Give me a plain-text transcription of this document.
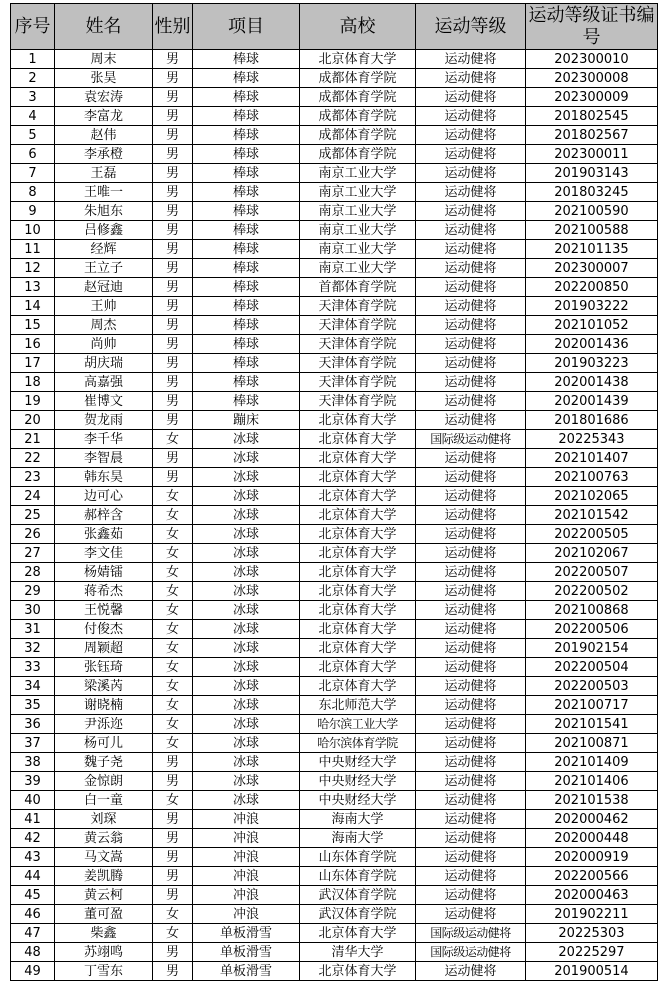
序号	姓名	性别	项目	高校	运动等级	运动等级证书编号
1	周末	男	棒球	北京体育大学	运动健将	202300010
2	张昊	男	棒球	成都体育学院	运动健将	202300008
3	袁宏涛	男	棒球	成都体育学院	运动健将	202300009
4	李富龙	男	棒球	成都体育学院	运动健将	201802545
5	赵伟	男	棒球	成都体育学院	运动健将	201802567
6	李承橙	男	棒球	成都体育学院	运动健将	202300011
7	王磊	男	棒球	南京工业大学	运动健将	201903143
8	王唯一	男	棒球	南京工业大学	运动健将	201803245
9	朱旭东	男	棒球	南京工业大学	运动健将	202100590
10	吕修鑫	男	棒球	南京工业大学	运动健将	202100588
11	经辉	男	棒球	南京工业大学	运动健将	202101135
12	王立子	男	棒球	南京工业大学	运动健将	202300007
13	赵冠迪	男	棒球	首都体育学院	运动健将	202200850
14	王帅	男	棒球	天津体育学院	运动健将	201903222
15	周杰	男	棒球	天津体育学院	运动健将	202101052
16	尚帅	男	棒球	天津体育学院	运动健将	202001436
17	胡庆瑞	男	棒球	天津体育学院	运动健将	201903223
18	高嘉强	男	棒球	天津体育学院	运动健将	202001438
19	崔博文	男	棒球	天津体育学院	运动健将	202001439
20	贺龙雨	男	蹦床	北京体育大学	运动健将	201801686
21	李千华	女	冰球	北京体育大学	国际级运动健将	20225343
22	李智晨	男	冰球	北京体育大学	运动健将	202101407
23	韩东昊	男	冰球	北京体育大学	运动健将	202100763
24	边可心	女	冰球	北京体育大学	运动健将	202102065
25	郝梓含	女	冰球	北京体育大学	运动健将	202101542
26	张鑫茹	女	冰球	北京体育大学	运动健将	202200505
27	李文佳	女	冰球	北京体育大学	运动健将	202102067
28	杨婧镭	女	冰球	北京体育大学	运动健将	202200507
29	蒋希杰	女	冰球	北京体育大学	运动健将	202200502
30	王悦馨	女	冰球	北京体育大学	运动健将	202100868
31	付俊杰	女	冰球	北京体育大学	运动健将	202200506
32	周颖超	女	冰球	北京体育大学	运动健将	201902154
33	张钰琦	女	冰球	北京体育大学	运动健将	202200504
34	梁溪芮	女	冰球	北京体育大学	运动健将	202200503
35	谢晓楠	女	冰球	东北师范大学	运动健将	202100717
36	尹泺迩	女	冰球	哈尔滨工业大学	运动健将	202101541
37	杨可儿	女	冰球	哈尔滨体育学院	运动健将	202100871
38	魏子尧	男	冰球	中央财经大学	运动健将	202101409
39	金惊朗	男	冰球	中央财经大学	运动健将	202101406
40	白一童	女	冰球	中央财经大学	运动健将	202101538
41	刘琛	男	冲浪	海南大学	运动健将	202000462
42	黄云翁	男	冲浪	海南大学	运动健将	202000448
43	马文嵩	男	冲浪	山东体育学院	运动健将	202000919
44	姜凯腾	男	冲浪	山东体育学院	运动健将	202200566
45	黄云柯	男	冲浪	武汉体育学院	运动健将	202000463
46	董可盈	女	冲浪	武汉体育学院	运动健将	201902211
47	柴鑫	女	单板滑雪	北京体育大学	国际级运动健将	20225303
48	苏翊鸣	男	单板滑雪	清华大学	国际级运动健将	20225297
49	丁雪东	男	单板滑雪	北京体育大学	运动健将	201900514
